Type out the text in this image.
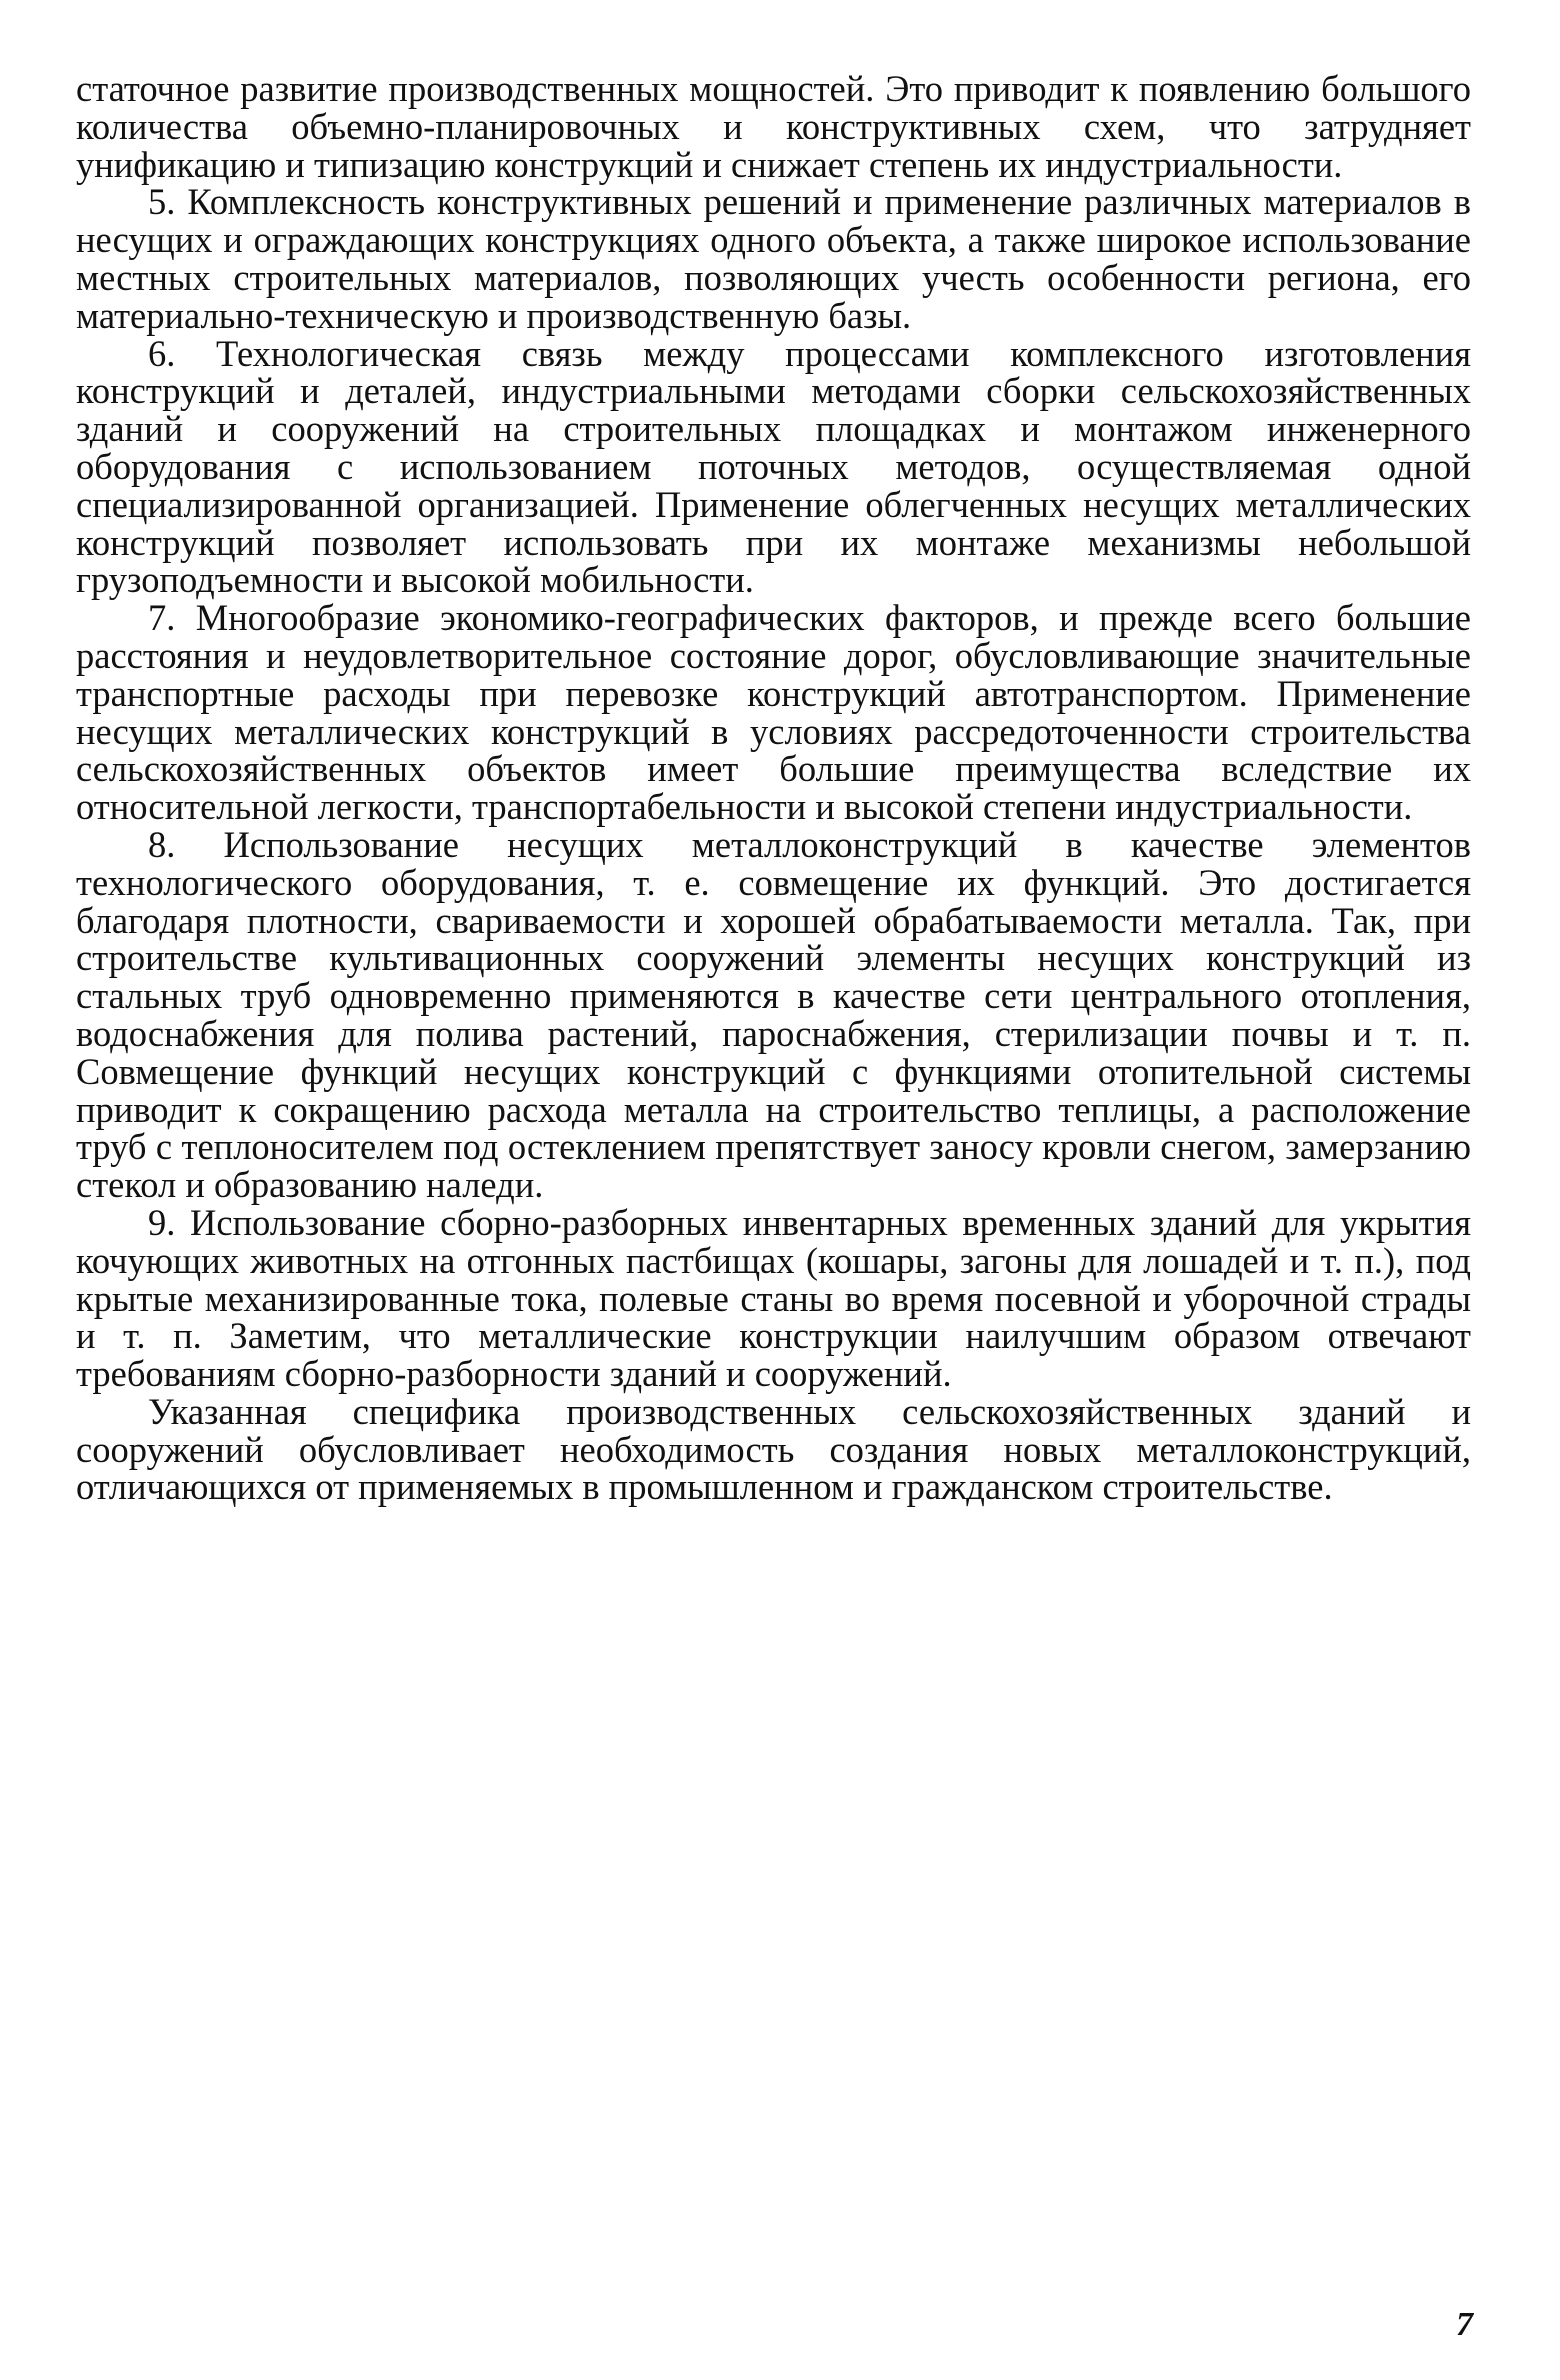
статочное развитие производственных мощностей. Это приводит к появлению большого количества объемно-планировочных и конструктивных схем, что затрудняет унификацию и типизацию конструкций и снижает степень их индустриальности.

5. Комплексность конструктивных решений и применение различных материалов в несущих и ограждающих конструкциях одного объекта, а также широкое использование местных строительных материалов, позволяющих учесть особенности региона, его материально-техническую и производственную базы.

6. Технологическая связь между процессами комплексного изготовления конструкций и деталей, индустриальными методами сборки сельскохозяйственных зданий и сооружений на строительных площадках и монтажом инженерного оборудования с использованием поточных методов, осуществляемая одной специализированной организацией. Применение облегченных несущих металлических конструкций позволяет использовать при их монтаже механизмы небольшой грузоподъемности и высокой мобильности.

7. Многообразие экономико-географических факторов, и прежде всего большие расстояния и неудовлетворительное состояние дорог, обусловливающие значительные транспортные расходы при перевозке конструкций автотранспортом. Применение несущих металлических конструкций в условиях рассредоточенности строительства сельскохозяйственных объектов имеет большие преимущества вследствие их относительной легкости, транспортабельности и высокой степени индустриальности.

8. Использование несущих металлоконструкций в качестве элементов технологического оборудования, т. е. совмещение их функций. Это достигается благодаря плотности, свариваемости и хорошей обрабатываемости металла. Так, при строительстве культивационных сооружений элементы несущих конструкций из стальных труб одновременно применяются в качестве сети центрального отопления, водоснабжения для полива растений, пароснабжения, стерилизации почвы и т. п. Совмещение функций несущих конструкций с функциями отопительной системы приводит к сокращению расхода металла на строительство теплицы, а расположение труб с теплоносителем под остеклением препятствует заносу кровли снегом, замерзанию стекол и образованию наледи.

9. Использование сборно-разборных инвентарных временных зданий для укрытия кочующих животных на отгонных пастбищах (кошары, загоны для лошадей и т. п.), под крытые механизированные тока, полевые станы во время посевной и уборочной страды и т. п. Заметим, что металлические конструкции наилучшим образом отвечают требованиям сборно-разборности зданий и сооружений.

Указанная специфика производственных сельскохозяйственных зданий и сооружений обусловливает необходимость создания новых металлоконструкций, отличающихся от применяемых в промышленном и гражданском строительстве.

7
